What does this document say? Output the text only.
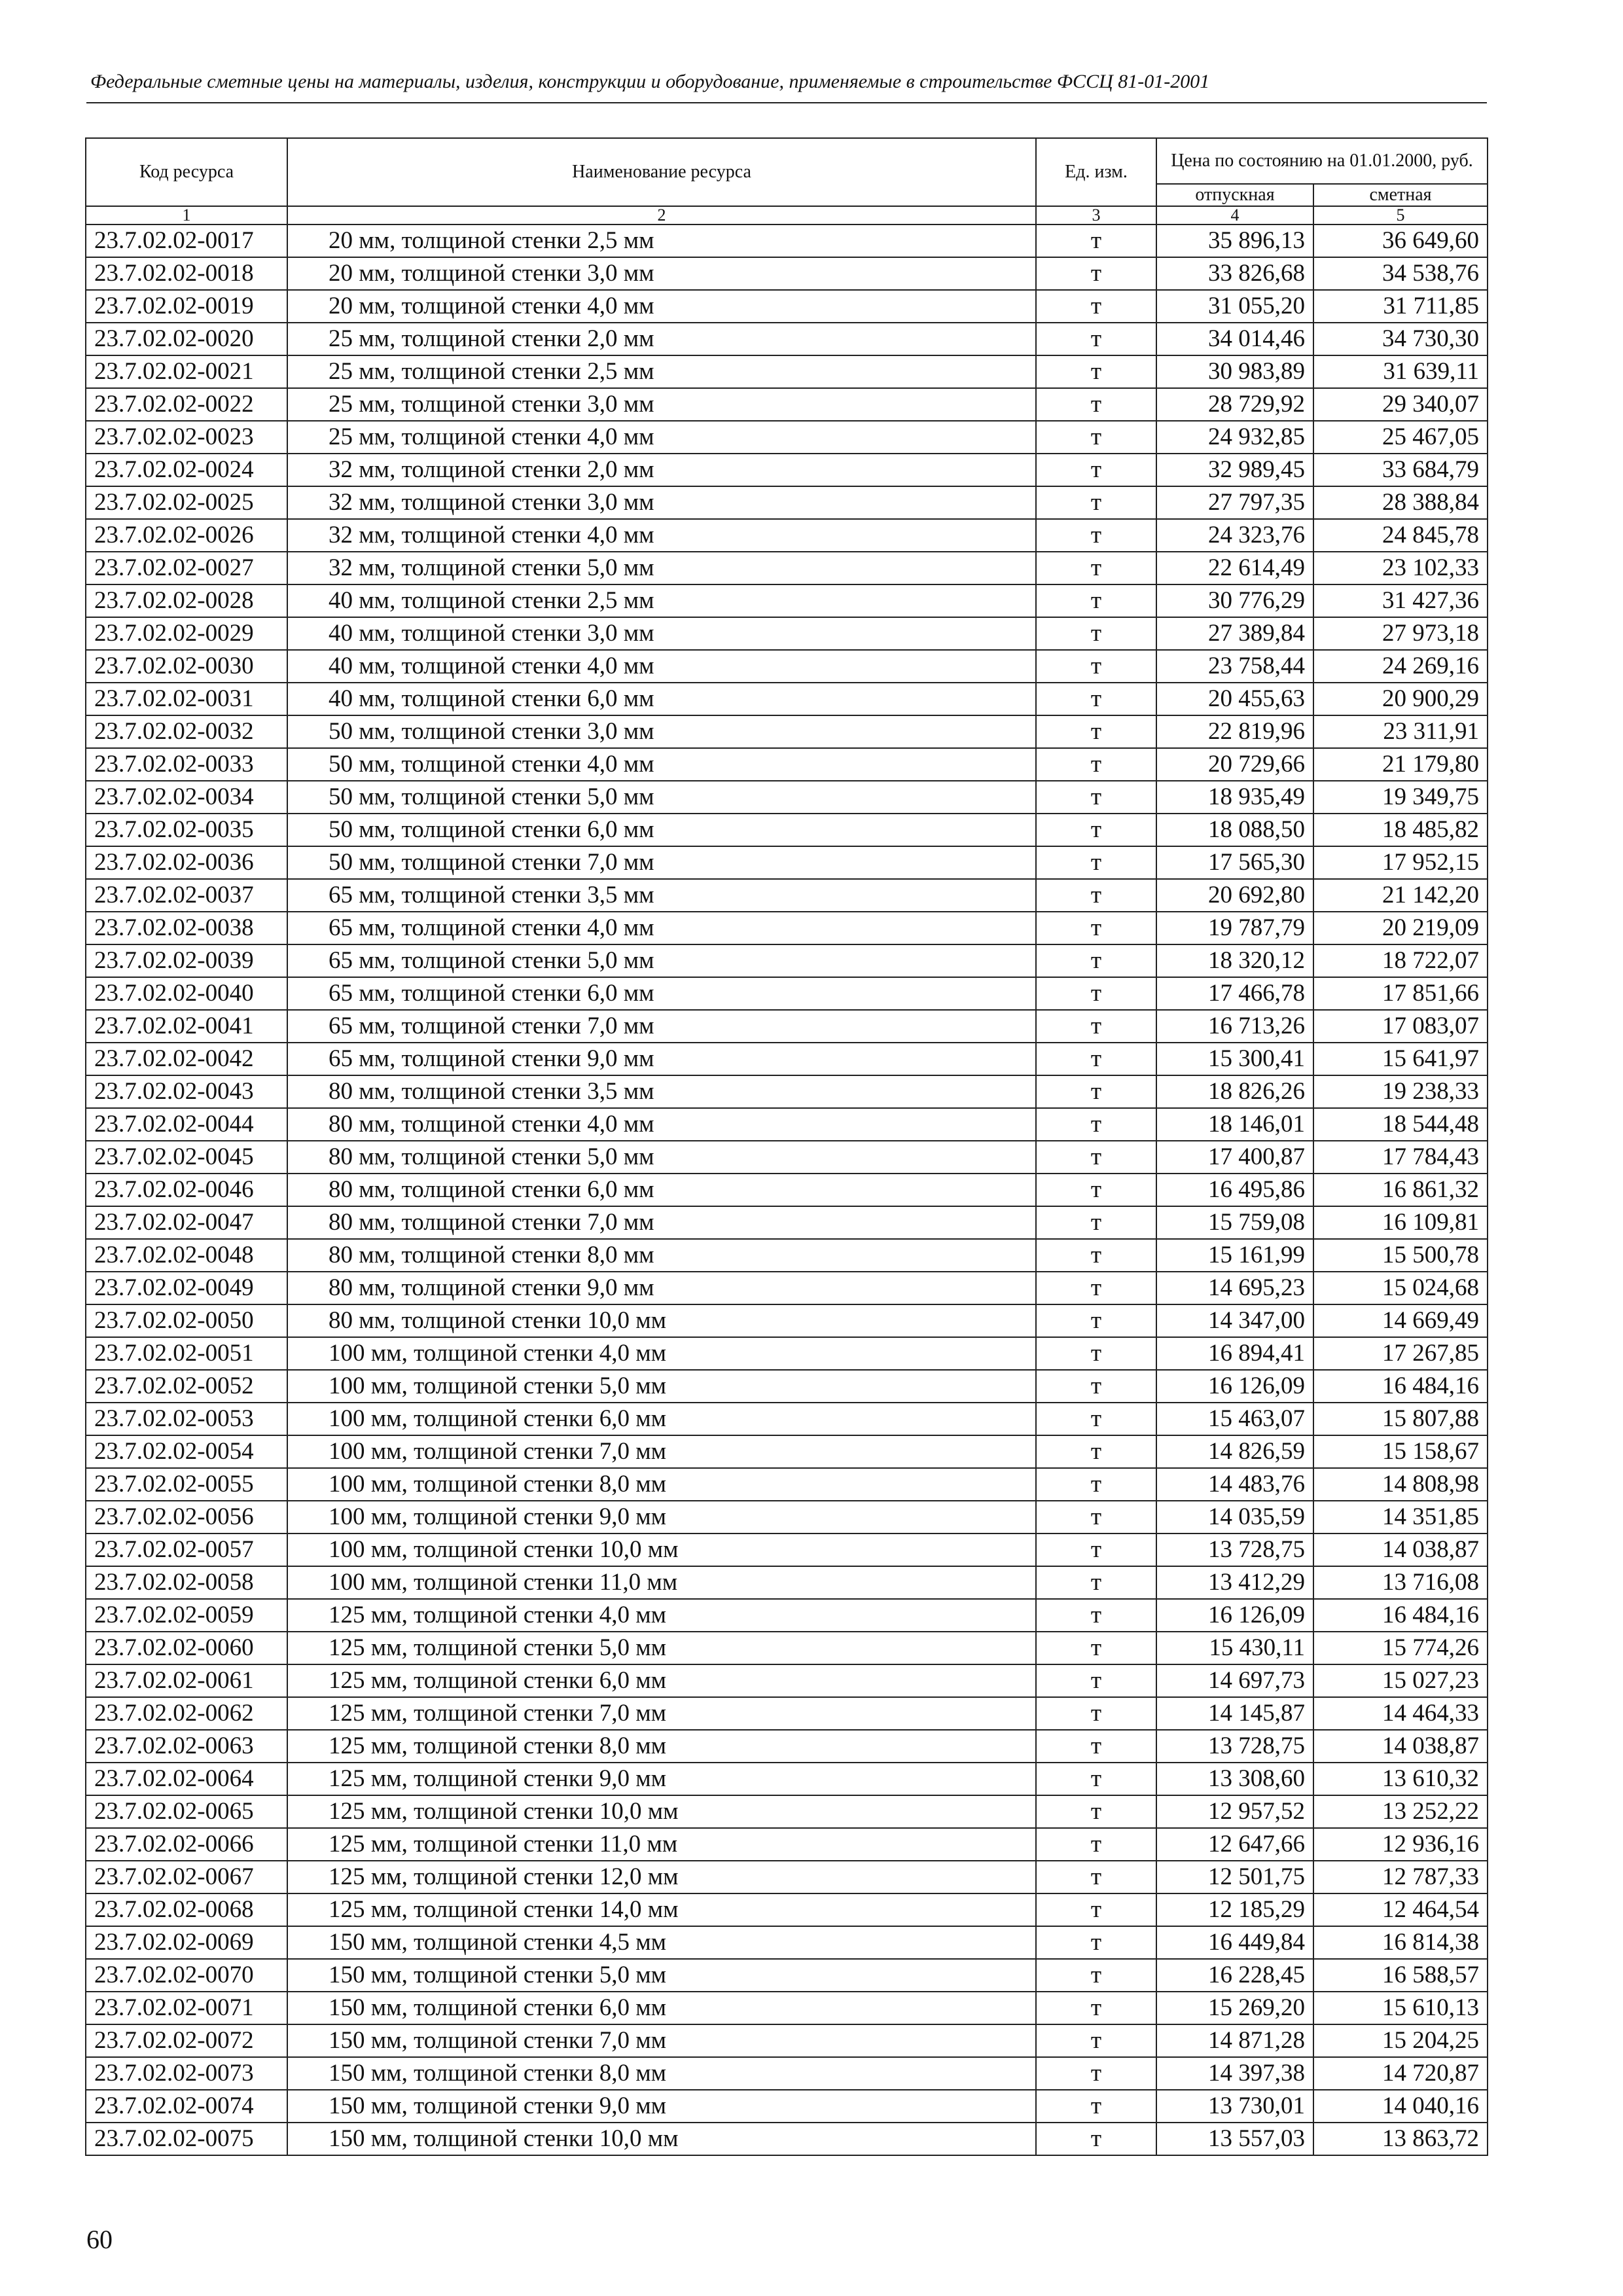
Федеральные сметные цены на материалы, изделия, конструкции и оборудование, применяемые в строительстве ФССЦ 81-01-2001
Код ресурса	Наименование ресурса	Ед. изм.	Цена по состоянию на 01.01.2000, руб.	
			отпускная	сметная
1	2	3	4	5
23.7.02.02-0017	20 мм, толщиной стенки 2,5 мм	т	35 896,13	36 649,60
23.7.02.02-0018	20 мм, толщиной стенки 3,0 мм	т	33 826,68	34 538,76
23.7.02.02-0019	20 мм, толщиной стенки 4,0 мм	т	31 055,20	31 711,85
23.7.02.02-0020	25 мм, толщиной стенки 2,0 мм	т	34 014,46	34 730,30
23.7.02.02-0021	25 мм, толщиной стенки 2,5 мм	т	30 983,89	31 639,11
23.7.02.02-0022	25 мм, толщиной стенки 3,0 мм	т	28 729,92	29 340,07
23.7.02.02-0023	25 мм, толщиной стенки 4,0 мм	т	24 932,85	25 467,05
23.7.02.02-0024	32 мм, толщиной стенки 2,0 мм	т	32 989,45	33 684,79
23.7.02.02-0025	32 мм, толщиной стенки 3,0 мм	т	27 797,35	28 388,84
23.7.02.02-0026	32 мм, толщиной стенки 4,0 мм	т	24 323,76	24 845,78
23.7.02.02-0027	32 мм, толщиной стенки 5,0 мм	т	22 614,49	23 102,33
23.7.02.02-0028	40 мм, толщиной стенки 2,5 мм	т	30 776,29	31 427,36
23.7.02.02-0029	40 мм, толщиной стенки 3,0 мм	т	27 389,84	27 973,18
23.7.02.02-0030	40 мм, толщиной стенки 4,0 мм	т	23 758,44	24 269,16
23.7.02.02-0031	40 мм, толщиной стенки 6,0 мм	т	20 455,63	20 900,29
23.7.02.02-0032	50 мм, толщиной стенки 3,0 мм	т	22 819,96	23 311,91
23.7.02.02-0033	50 мм, толщиной стенки 4,0 мм	т	20 729,66	21 179,80
23.7.02.02-0034	50 мм, толщиной стенки 5,0 мм	т	18 935,49	19 349,75
23.7.02.02-0035	50 мм, толщиной стенки 6,0 мм	т	18 088,50	18 485,82
23.7.02.02-0036	50 мм, толщиной стенки 7,0 мм	т	17 565,30	17 952,15
23.7.02.02-0037	65 мм, толщиной стенки 3,5 мм	т	20 692,80	21 142,20
23.7.02.02-0038	65 мм, толщиной стенки 4,0 мм	т	19 787,79	20 219,09
23.7.02.02-0039	65 мм, толщиной стенки 5,0 мм	т	18 320,12	18 722,07
23.7.02.02-0040	65 мм, толщиной стенки 6,0 мм	т	17 466,78	17 851,66
23.7.02.02-0041	65 мм, толщиной стенки 7,0 мм	т	16 713,26	17 083,07
23.7.02.02-0042	65 мм, толщиной стенки 9,0 мм	т	15 300,41	15 641,97
23.7.02.02-0043	80 мм, толщиной стенки 3,5 мм	т	18 826,26	19 238,33
23.7.02.02-0044	80 мм, толщиной стенки 4,0 мм	т	18 146,01	18 544,48
23.7.02.02-0045	80 мм, толщиной стенки 5,0 мм	т	17 400,87	17 784,43
23.7.02.02-0046	80 мм, толщиной стенки 6,0 мм	т	16 495,86	16 861,32
23.7.02.02-0047	80 мм, толщиной стенки 7,0 мм	т	15 759,08	16 109,81
23.7.02.02-0048	80 мм, толщиной стенки 8,0 мм	т	15 161,99	15 500,78
23.7.02.02-0049	80 мм, толщиной стенки 9,0 мм	т	14 695,23	15 024,68
23.7.02.02-0050	80 мм, толщиной стенки 10,0 мм	т	14 347,00	14 669,49
23.7.02.02-0051	100 мм, толщиной стенки 4,0 мм	т	16 894,41	17 267,85
23.7.02.02-0052	100 мм, толщиной стенки 5,0 мм	т	16 126,09	16 484,16
23.7.02.02-0053	100 мм, толщиной стенки 6,0 мм	т	15 463,07	15 807,88
23.7.02.02-0054	100 мм, толщиной стенки 7,0 мм	т	14 826,59	15 158,67
23.7.02.02-0055	100 мм, толщиной стенки 8,0 мм	т	14 483,76	14 808,98
23.7.02.02-0056	100 мм, толщиной стенки 9,0 мм	т	14 035,59	14 351,85
23.7.02.02-0057	100 мм, толщиной стенки 10,0 мм	т	13 728,75	14 038,87
23.7.02.02-0058	100 мм, толщиной стенки 11,0 мм	т	13 412,29	13 716,08
23.7.02.02-0059	125 мм, толщиной стенки 4,0 мм	т	16 126,09	16 484,16
23.7.02.02-0060	125 мм, толщиной стенки 5,0 мм	т	15 430,11	15 774,26
23.7.02.02-0061	125 мм, толщиной стенки 6,0 мм	т	14 697,73	15 027,23
23.7.02.02-0062	125 мм, толщиной стенки 7,0 мм	т	14 145,87	14 464,33
23.7.02.02-0063	125 мм, толщиной стенки 8,0 мм	т	13 728,75	14 038,87
23.7.02.02-0064	125 мм, толщиной стенки 9,0 мм	т	13 308,60	13 610,32
23.7.02.02-0065	125 мм, толщиной стенки 10,0 мм	т	12 957,52	13 252,22
23.7.02.02-0066	125 мм, толщиной стенки 11,0 мм	т	12 647,66	12 936,16
23.7.02.02-0067	125 мм, толщиной стенки 12,0 мм	т	12 501,75	12 787,33
23.7.02.02-0068	125 мм, толщиной стенки 14,0 мм	т	12 185,29	12 464,54
23.7.02.02-0069	150 мм, толщиной стенки 4,5 мм	т	16 449,84	16 814,38
23.7.02.02-0070	150 мм, толщиной стенки 5,0 мм	т	16 228,45	16 588,57
23.7.02.02-0071	150 мм, толщиной стенки 6,0 мм	т	15 269,20	15 610,13
23.7.02.02-0072	150 мм, толщиной стенки 7,0 мм	т	14 871,28	15 204,25
23.7.02.02-0073	150 мм, толщиной стенки 8,0 мм	т	14 397,38	14 720,87
23.7.02.02-0074	150 мм, толщиной стенки 9,0 мм	т	13 730,01	14 040,16
23.7.02.02-0075	150 мм, толщиной стенки 10,0 мм	т	13 557,03	13 863,72
60
